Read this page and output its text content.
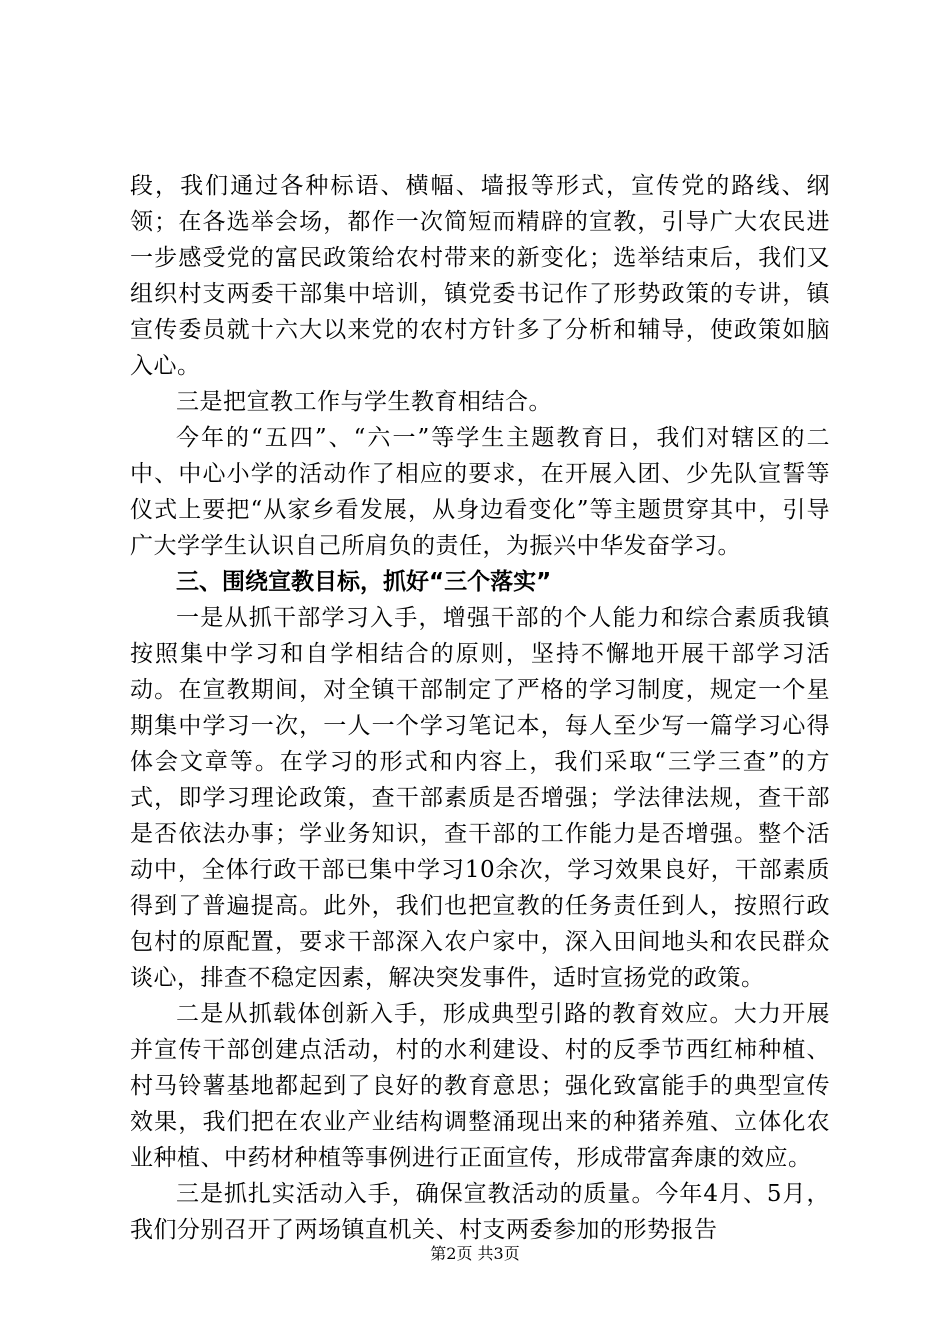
段，我们通过各种标语、横幅、墙报等形式，宣传党的路线、纲领；在各选举会场，都作一次简短而精辟的宣教，引导广大农民进一步感受党的富民政策给农村带来的新变化；选举结束后，我们又组织村支两委干部集中培训，镇党委书记作了形势政策的专讲，镇宣传委员就十六大以来党的农村方针多了分析和辅导，使政策如脑入心。

三是把宣教工作与学生教育相结合。

今年的“五四”、“六一”等学生主题教育日，我们对辖区的二中、中心小学的活动作了相应的要求，在开展入团、少先队宣誓等仪式上要把“从家乡看发展，从身边看变化”等主题贯穿其中，引导广大学学生认识自己所肩负的责任，为振兴中华发奋学习。

三、围绕宣教目标，抓好“三个落实”

一是从抓干部学习入手，增强干部的个人能力和综合素质我镇按照集中学习和自学相结合的原则，坚持不懈地开展干部学习活动。在宣教期间，对全镇干部制定了严格的学习制度，规定一个星期集中学习一次，一人一个学习笔记本，每人至少写一篇学习心得体会文章等。在学习的形式和内容上，我们采取“三学三查”的方式，即学习理论政策，查干部素质是否增强；学法律法规，查干部是否依法办事；学业务知识，查干部的工作能力是否增强。整个活动中，全体行政干部已集中学习10余次，学习效果良好，干部素质得到了普遍提高。此外，我们也把宣教的任务责任到人，按照行政包村的原配置，要求干部深入农户家中，深入田间地头和农民群众谈心，排查不稳定因素，解决突发事件，适时宣扬党的政策。

二是从抓载体创新入手，形成典型引路的教育效应。大力开展并宣传干部创建点活动，村的水利建设、村的反季节西红柿种植、村马铃薯基地都起到了良好的教育意思；强化致富能手的典型宣传效果，我们把在农业产业结构调整涌现出来的种猪养殖、立体化农业种植、中药材种植等事例进行正面宣传，形成带富奔康的效应。

三是抓扎实活动入手，确保宣教活动的质量。今年4月、5月，我们分别召开了两场镇直机关、村支两委参加的形势报告

第2页 共3页
